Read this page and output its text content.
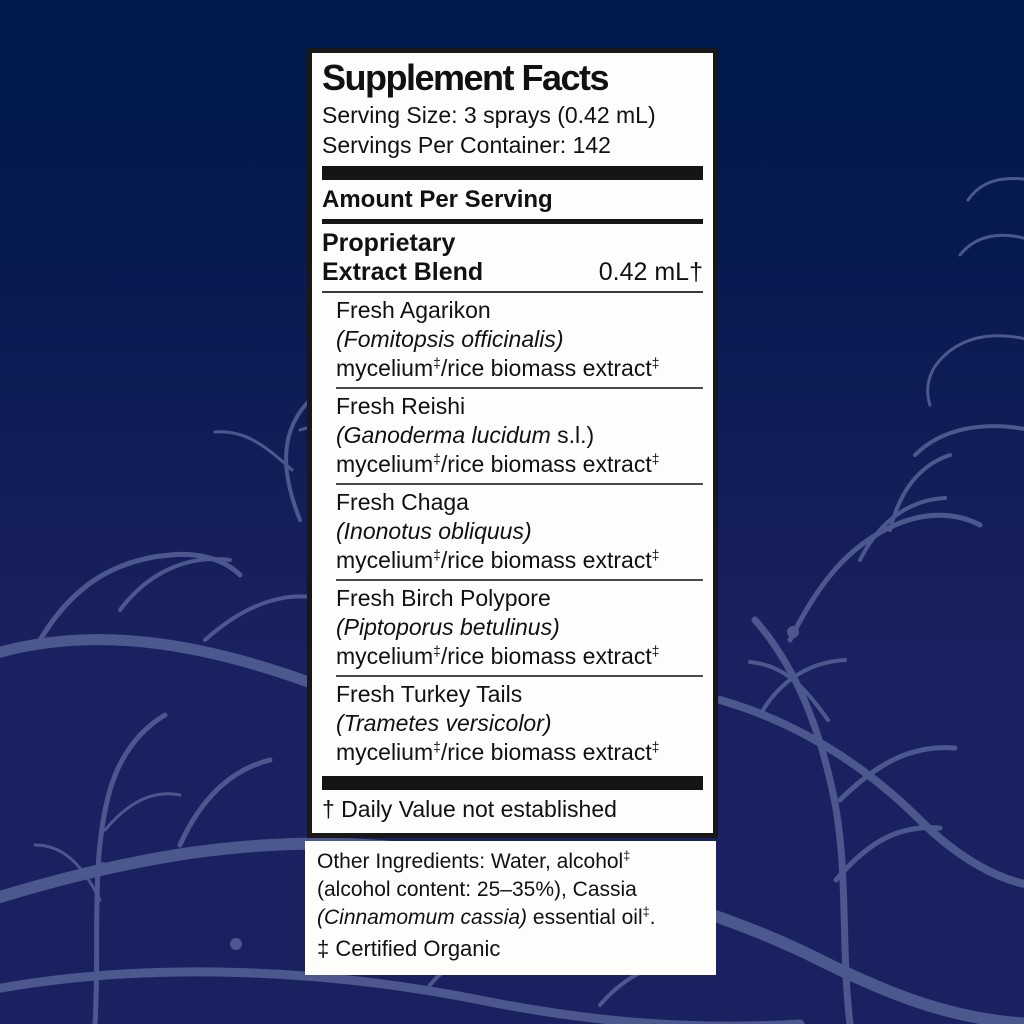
Supplement Facts
Serving Size: 3 sprays (0.42 mL)
Servings Per Container: 142
Amount Per Serving
Proprietary
Extract Blend	0.42 mL†
Fresh Agarikon
(Fomitopsis officinalis)
mycelium‡/rice biomass extract‡
Fresh Reishi
(Ganoderma lucidum s.l.)
mycelium‡/rice biomass extract‡
Fresh Chaga
(Inonotus obliquus)
mycelium‡/rice biomass extract‡
Fresh Birch Polypore
(Piptoporus betulinus)
mycelium‡/rice biomass extract‡
Fresh Turkey Tails
(Trametes versicolor)
mycelium‡/rice biomass extract‡
† Daily Value not established
Other Ingredients: Water, alcohol‡ (alcohol content: 25–35%), Cassia (Cinnamomum cassia) essential oil‡.
‡ Certified Organic
